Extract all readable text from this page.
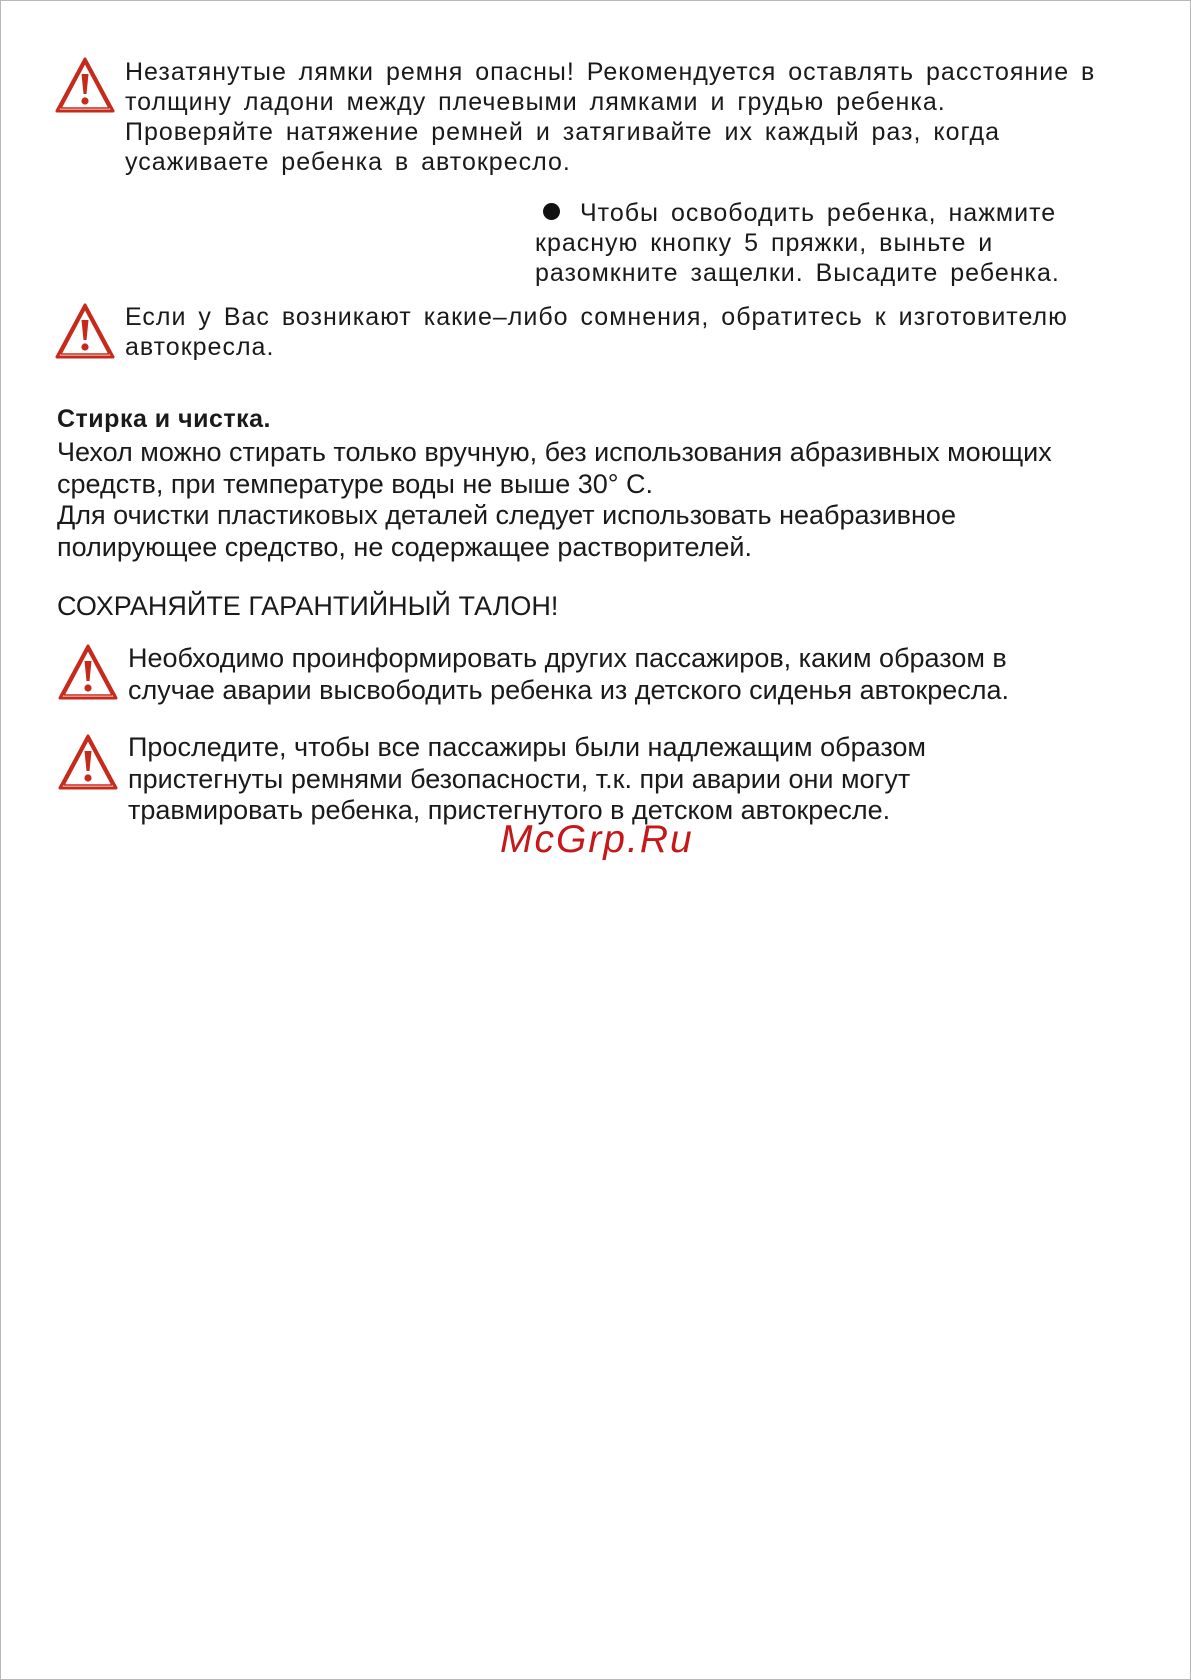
Незатянутые лямки ремня опасны! Рекомендуется оставлять расстояние в
толщину ладони между плечевыми лямками и грудью ребенка.
Проверяйте натяжение ремней и затягивайте их каждый раз, когда
усаживаете ребенка в автокресло.
Чтобы освободить ребенка, нажмите
красную кнопку 5 пряжки, выньте и
разомкните защелки. Высадите ребенка.
Если у Вас возникают какие–либо сомнения, обратитесь к изготовителю
автокресла.
Стирка и чистка.

Чехол можно стирать только вручную, без использования абразивных моющих
средств, при температуре воды не выше 30° С.

Для очистки пластиковых деталей следует использовать неабразивное
полирующее средство, не содержащее растворителей.

СОХРАНЯЙТЕ ГАРАНТИЙНЫЙ ТАЛОН!
Необходимо проинформировать других пассажиров, каким образом в
случае аварии высвободить ребенка из детского сиденья автокресла.
Проследите, чтобы все пассажиры были надлежащим образом
пристегнуты ремнями безопасности, т.к. при аварии они могут
травмировать ребенка, пристегнутого в детском автокресле.
McGrp.Ru
